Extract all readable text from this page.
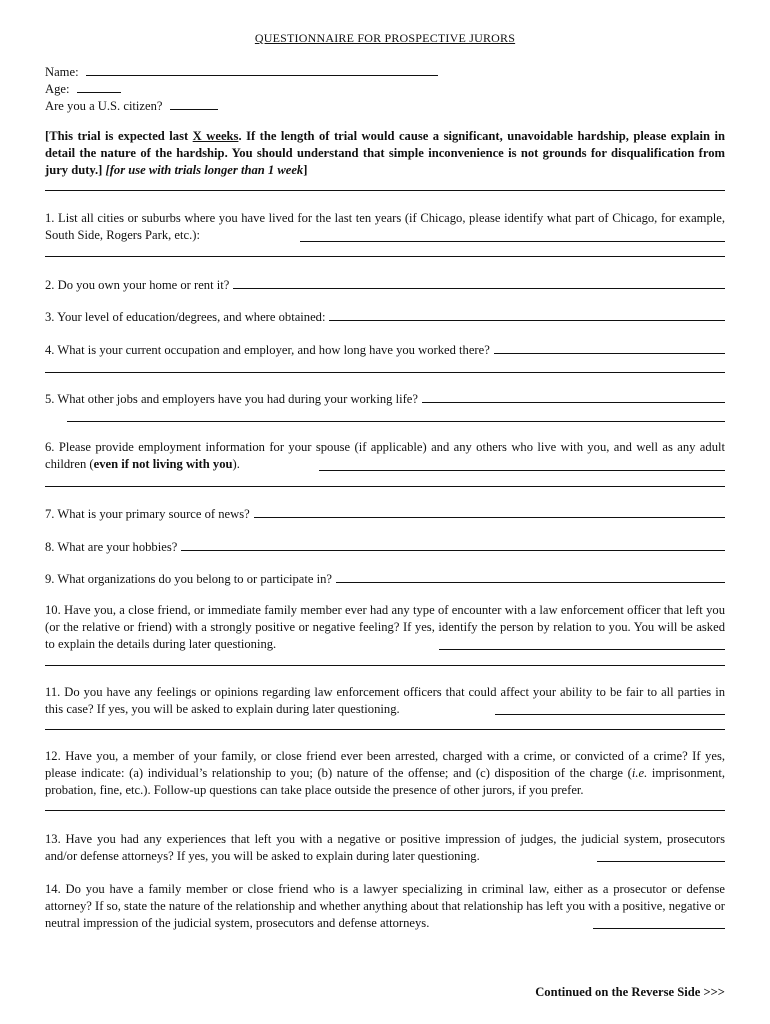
QUESTIONNAIRE FOR PROSPECTIVE JURORS
Name:
Age:
Are you a U.S. citizen?
[This trial is expected last X weeks. If the length of trial would cause a significant, unavoidable hardship, please explain in detail the nature of the hardship. You should understand that simple inconvenience is not grounds for disqualification from jury duty.] [for use with trials longer than 1 week]
1. List all cities or suburbs where you have lived for the last ten years (if Chicago, please identify what part of Chicago, for example, South Side, Rogers Park, etc.):
2. Do you own your home or rent it?
3. Your level of education/degrees, and where obtained:
4. What is your current occupation and employer, and how long have you worked there?
5. What other jobs and employers have you had during your working life?
6. Please provide employment information for your spouse (if applicable) and any others who live with you, and well as any adult children (even if not living with you).
7. What is your primary source of news?
8. What are your hobbies?
9. What organizations do you belong to or participate in?
10. Have you, a close friend, or immediate family member ever had any type of encounter with a law enforcement officer that left you (or the relative or friend) with a strongly positive or negative feeling? If yes, identify the person by relation to you. You will be asked to explain the details during later questioning.
11. Do you have any feelings or opinions regarding law enforcement officers that could affect your ability to be fair to all parties in this case? If yes, you will be asked to explain during later questioning.
12. Have you, a member of your family, or close friend ever been arrested, charged with a crime, or convicted of a crime? If yes, please indicate: (a) individual’s relationship to you; (b) nature of the offense; and (c) disposition of the charge (i.e. imprisonment, probation, fine, etc.). Follow-up questions can take place outside the presence of other jurors, if you prefer.
13. Have you had any experiences that left you with a negative or positive impression of judges, the judicial system, prosecutors and/or defense attorneys? If yes, you will be asked to explain during later questioning.
14. Do you have a family member or close friend who is a lawyer specializing in criminal law, either as a prosecutor or defense attorney? If so, state the nature of the relationship and whether anything about that relationship has left you with a positive, negative or neutral impression of the judicial system, prosecutors and defense attorneys.
Continued on the Reverse Side >>>
